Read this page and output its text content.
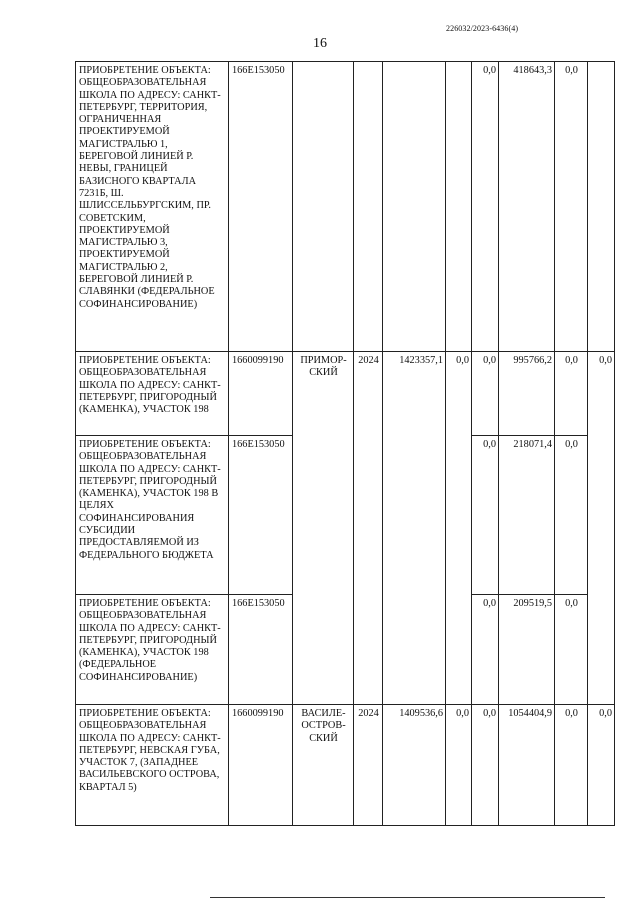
226032/2023-6436(4)
16
ПРИОБРЕТЕНИЕ ОБЪЕКТА: ОБЩЕОБРАЗОВАТЕЛЬНАЯ ШКОЛА ПО АДРЕСУ: САНКТ-ПЕТЕРБУРГ, ТЕРРИТОРИЯ, ОГРАНИЧЕННАЯ ПРОЕКТИРУЕМОЙ МАГИСТРАЛЬЮ 1, БЕРЕГОВОЙ ЛИНИЕЙ Р. НЕВЫ, ГРАНИЦЕЙ БАЗИСНОГО КВАРТАЛА 7231Б, Ш. ШЛИССЕЛЬБУРГСКИМ, ПР. СОВЕТСКИМ, ПРОЕКТИРУЕМОЙ МАГИСТРАЛЬЮ 3, ПРОЕКТИРУЕМОЙ МАГИСТРАЛЬЮ 2, БЕРЕГОВОЙ ЛИНИЕЙ Р. СЛАВЯНКИ (ФЕДЕРАЛЬНОЕ СОФИНАНСИРОВАНИЕ)	166E153050					0,0	418643,3	0,0	
ПРИОБРЕТЕНИЕ ОБЪЕКТА: ОБЩЕОБРАЗОВАТЕЛЬНАЯ ШКОЛА ПО АДРЕСУ: САНКТ-ПЕТЕРБУРГ, ПРИГОРОДНЫЙ (КАМЕНКА), УЧАСТОК 198	1660099190	ПРИМОР-СКИЙ	2024	1423357,1	0,0	0,0	995766,2	0,0	0,0
ПРИОБРЕТЕНИЕ ОБЪЕКТА: ОБЩЕОБРАЗОВАТЕЛЬНАЯ ШКОЛА ПО АДРЕСУ: САНКТ-ПЕТЕРБУРГ, ПРИГОРОДНЫЙ (КАМЕНКА), УЧАСТОК 198 В ЦЕЛЯХ СОФИНАНСИРОВАНИЯ СУБСИДИИ ПРЕДОСТАВЛЯЕМОЙ ИЗ ФЕДЕРАЛЬНОГО БЮДЖЕТА	166E153050					0,0	218071,4	0,0	
ПРИОБРЕТЕНИЕ ОБЪЕКТА: ОБЩЕОБРАЗОВАТЕЛЬНАЯ ШКОЛА ПО АДРЕСУ: САНКТ-ПЕТЕРБУРГ, ПРИГОРОДНЫЙ (КАМЕНКА), УЧАСТОК 198 (ФЕДЕРАЛЬНОЕ СОФИНАНСИРОВАНИЕ)	166E153050					0,0	209519,5	0,0	
ПРИОБРЕТЕНИЕ ОБЪЕКТА: ОБЩЕОБРАЗОВАТЕЛЬНАЯ ШКОЛА ПО АДРЕСУ: САНКТ-ПЕТЕРБУРГ, НЕВСКАЯ ГУБА, УЧАСТОК 7, (ЗАПАДНЕЕ ВАСИЛЬЕВСКОГО ОСТРОВА, КВАРТАЛ 5)	1660099190	ВАСИЛЕ-ОСТРОВ-СКИЙ	2024	1409536,6	0,0	0,0	1054404,9	0,0	0,0
